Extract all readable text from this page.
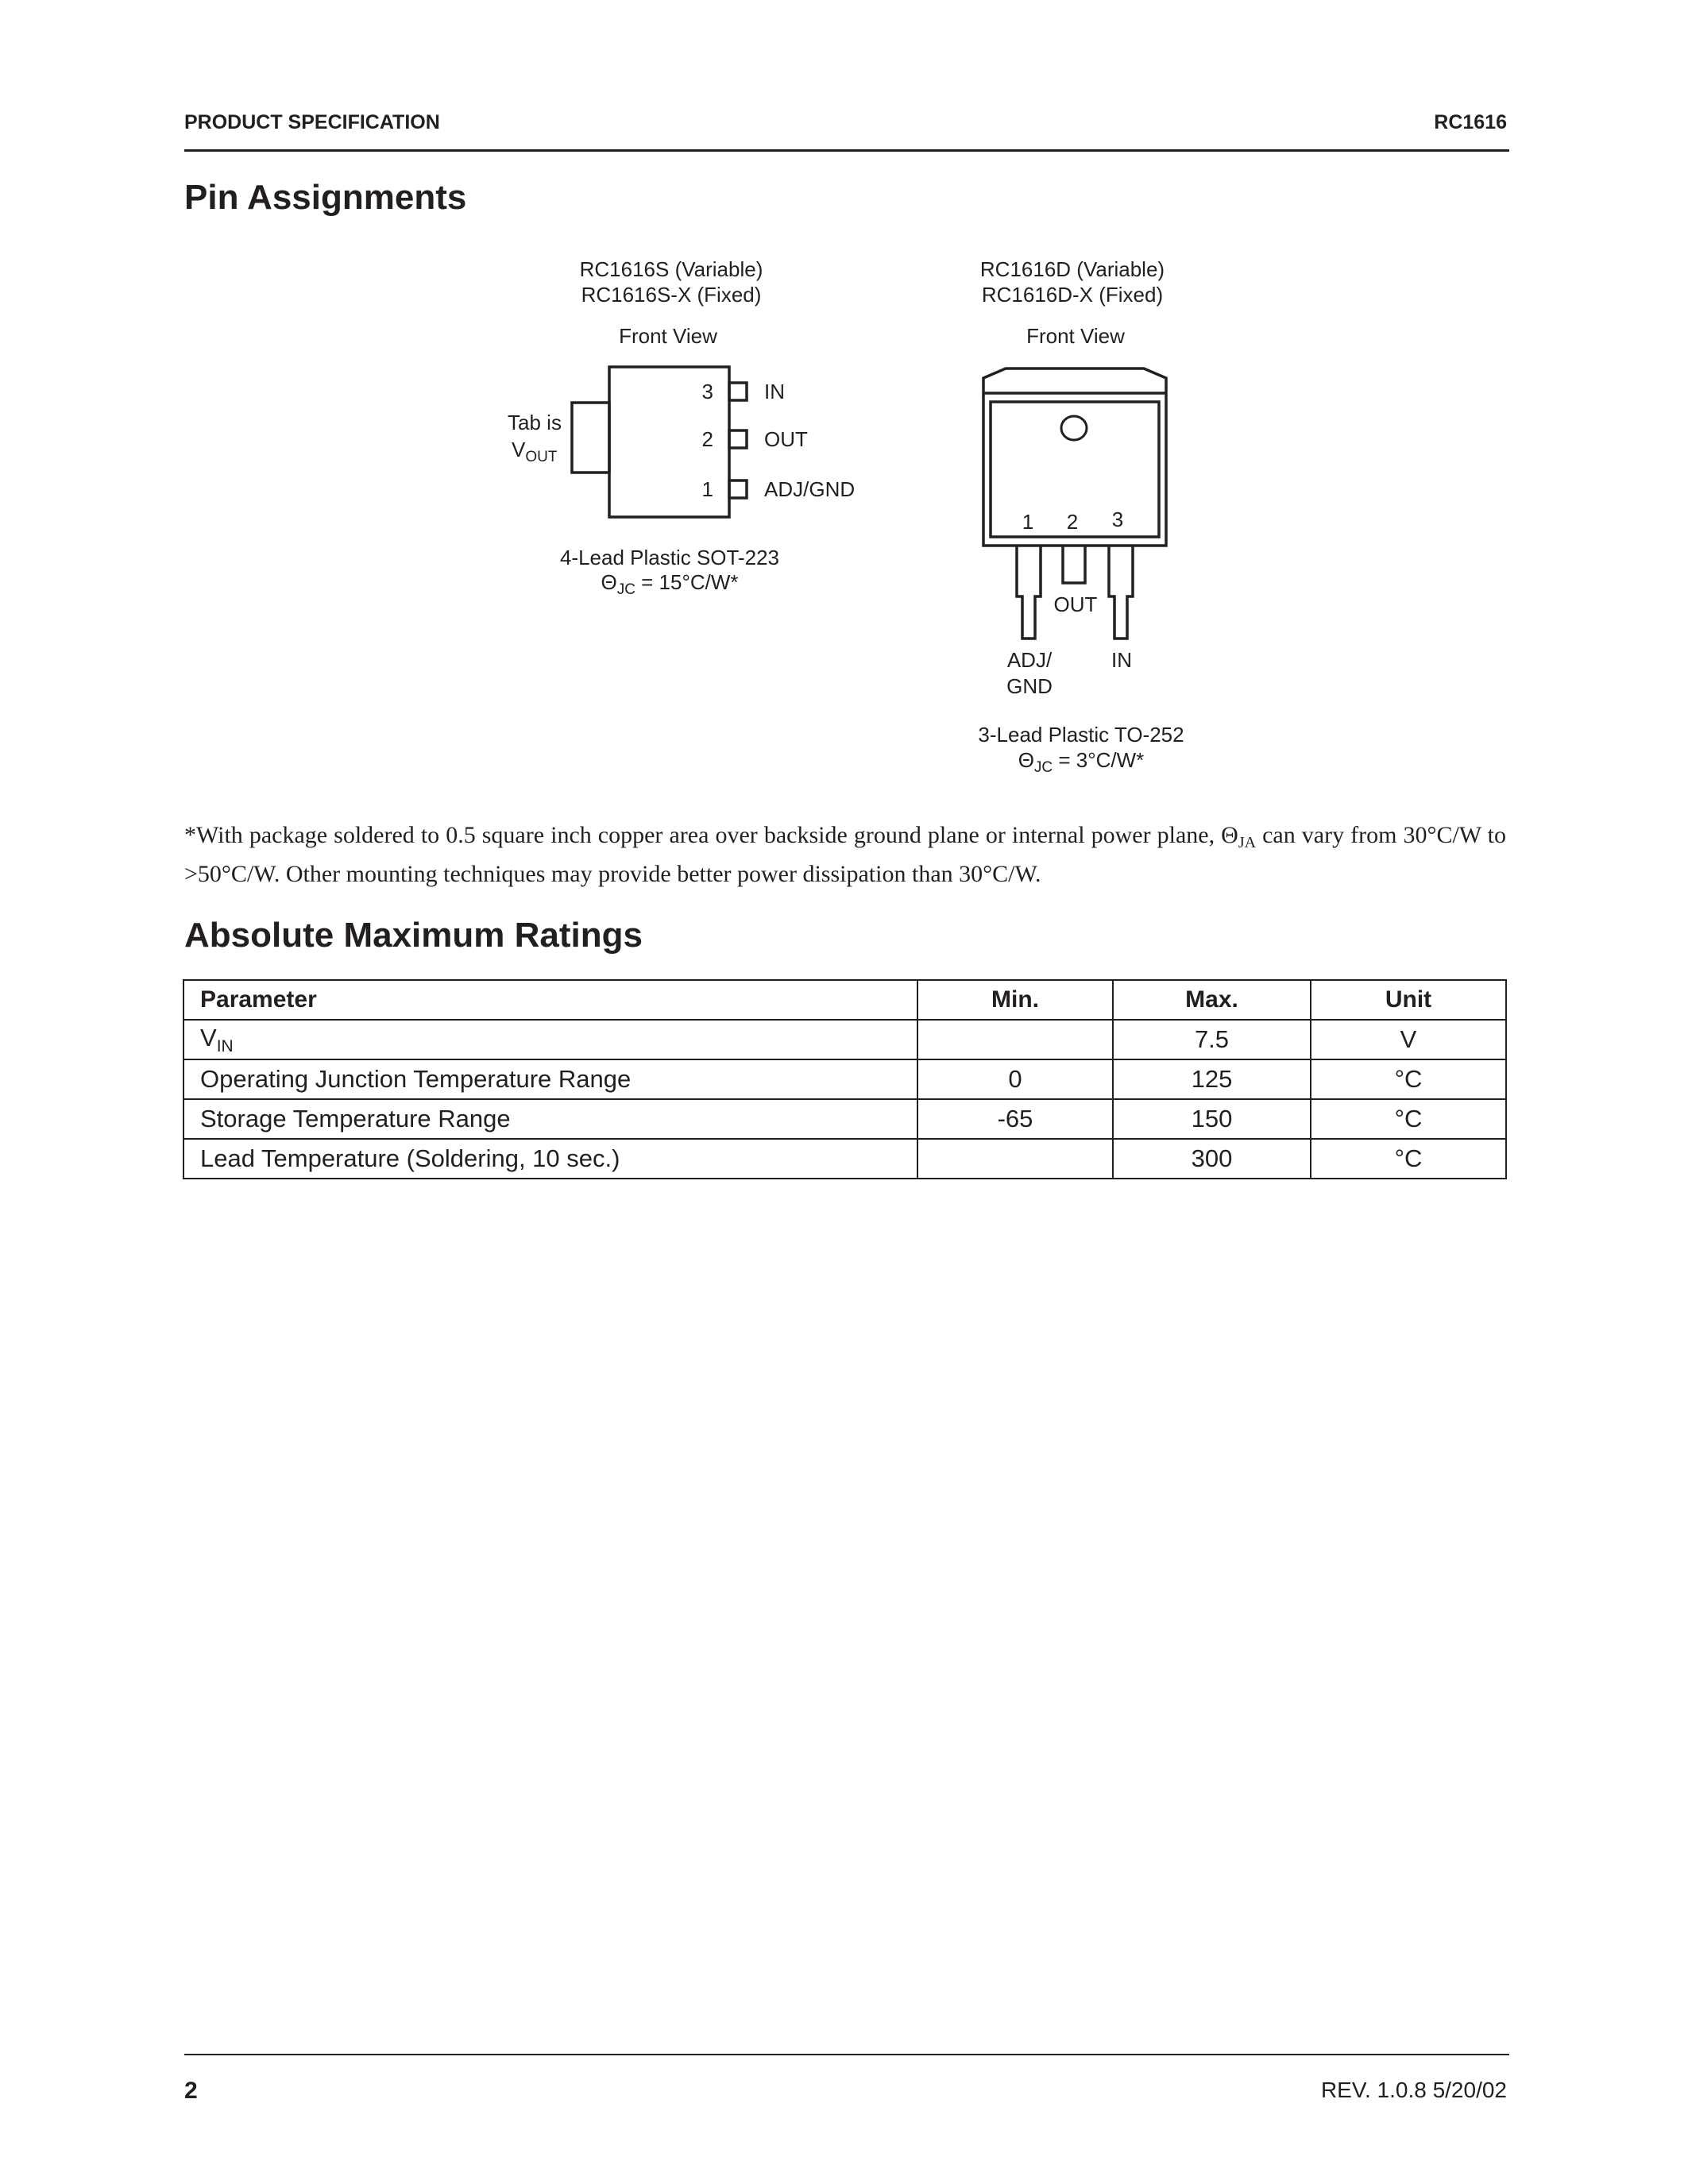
PRODUCT SPECIFICATION	RC1616
Pin Assignments
RC1616S (Variable)
RC1616S-X (Fixed)
Front View
3 IN
2 OUT
1 ADJ/GND
Tab is
$V_{OUT}$
4-Lead Plastic SOT-223
$\Theta_{JC} = 15^\circ C/W*$
RC1616D (Variable)
RC1616D-X (Fixed)
Front View
1 2 3
OUT
ADJ/
GND
IN
3-Lead Plastic TO-252
$\Theta_{JC} = 3^\circ C/W*$
*With package soldered to 0.5 square inch copper area over backside ground plane or internal power plane, $\Theta_{JA}$ can vary from 30°C/W to >50°C/W. Other mounting techniques may provide better power dissipation than 30°C/W.
Absolute Maximum Ratings
Parameter	Min.	Max.	Unit
$V_{IN}$		7.5	V
Operating Junction Temperature Range	0	125	°C
Storage Temperature Range	-65	150	°C
Lead Temperature (Soldering, 10 sec.)		300	°C
2	REV. 1.0.8 5/20/02
